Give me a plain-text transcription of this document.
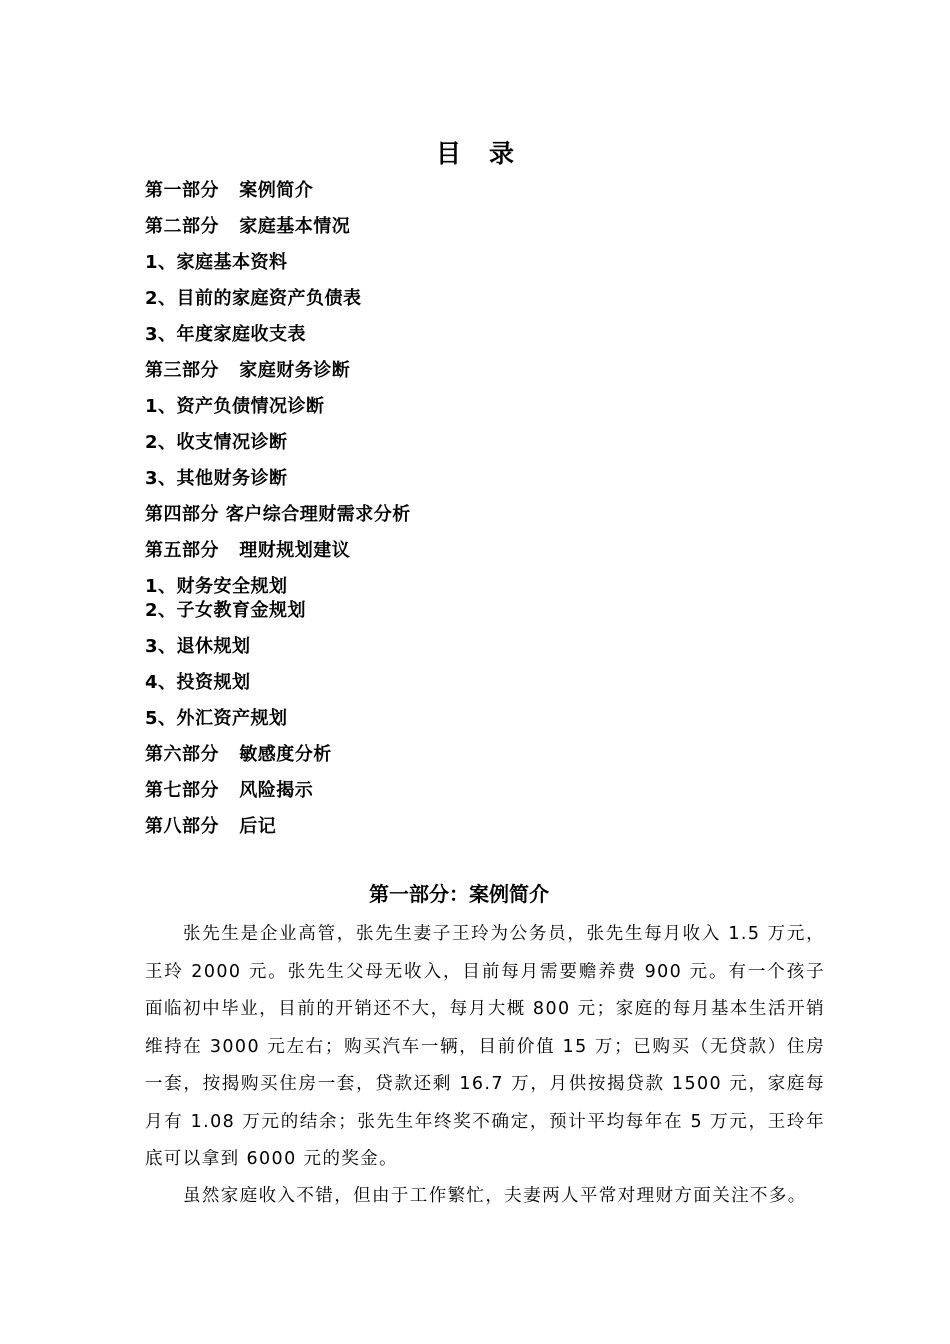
目 录
第一部分   案例简介
第二部分   家庭基本情况
1、家庭基本资料
2、目前的家庭资产负债表
3、年度家庭收支表
第三部分   家庭财务诊断
1、资产负债情况诊断
2、收支情况诊断
3、其他财务诊断
第四部分 客户综合理财需求分析
第五部分   理财规划建议
1、财务安全规划
2、子女教育金规划
3、退休规划
4、投资规划
5、外汇资产规划
第六部分   敏感度分析
第七部分   风险揭示
第八部分   后记
第一部分：案例简介
张先生是企业高管，张先生妻子王玲为公务员，张先生每月收入 1.5 万元，王玲 2000 元。张先生父母无收入，目前每月需要赡养费 900 元。有一个孩子面临初中毕业，目前的开销还不大，每月大概 800 元；家庭的每月基本生活开销维持在 3000 元左右；购买汽车一辆，目前价值 15 万；已购买（无贷款）住房一套，按揭购买住房一套，贷款还剩 16.7 万，月供按揭贷款 1500 元，家庭每月有 1.08 万元的结余；张先生年终奖不确定，预计平均每年在 5 万元，王玲年底可以拿到 6000 元的奖金。
虽然家庭收入不错，但由于工作繁忙，夫妻两人平常对理财方面关注不多。
